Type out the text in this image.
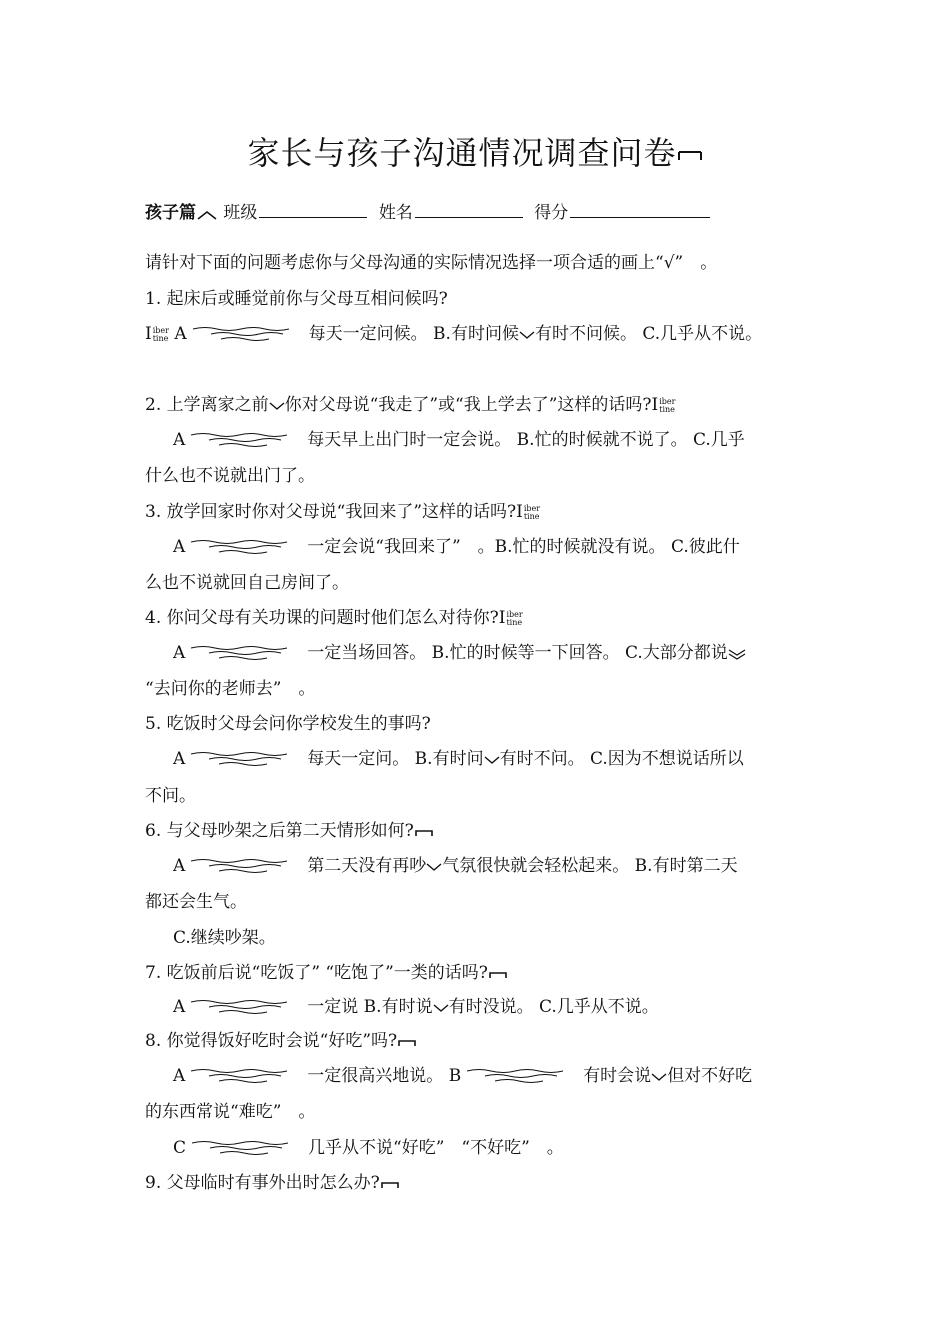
家长与孩子沟通情况调查问卷
孩子篇 班级	姓名	得分
请针对下面的问题考虑你与父母沟通的实际情况选择一项合适的画上“√”　。
1. 起床后或睡觉前你与父母互相问候吗?
Ⅰiber
tine A	每天一定问候。 B.有时问候 有时不问候。 C.几乎从不说。
2. 上学离家之前 你对父母说“我走了”或“我上学去了”这样的话吗?Ⅰiber
tine
A	每天早上出门时一定会说。 B.忙的时候就不说了。 C.几乎
什么也不说就出门了。
3. 放学回家时你对父母说“我回来了”这样的话吗?Ⅰiber
tine
A	一定会说“我回来了”　。B.忙的时候就没有说。 C.彼此什
么也不说就回自己房间了。
4. 你问父母有关功课的问题时他们怎么对待你?Ⅰiber
tine
A	一定当场回答。 B.忙的时候等一下回答。 C.大部分都说
“去问你的老师去”　。
5. 吃饭时父母会问你学校发生的事吗?
A	每天一定问。 B.有时问 有时不问。 C.因为不想说话所以
不问。
6. 与父母吵架之后第二天情形如何?
A	第二天没有再吵 气氛很快就会轻松起来。 B.有时第二天
都还会生气。
C.继续吵架。
7. 吃饭前后说“吃饭了” “吃饱了”一类的话吗?
A	一定说 B.有时说 有时没说。 C.几乎从不说。
8. 你觉得饭好吃时会说“好吃”吗?
A	一定很高兴地说。 B	有时会说 但对不好吃
的东西常说“难吃”　。
C	几乎从不说“好吃”　“不好吃”　。
9. 父母临时有事外出时怎么办?
